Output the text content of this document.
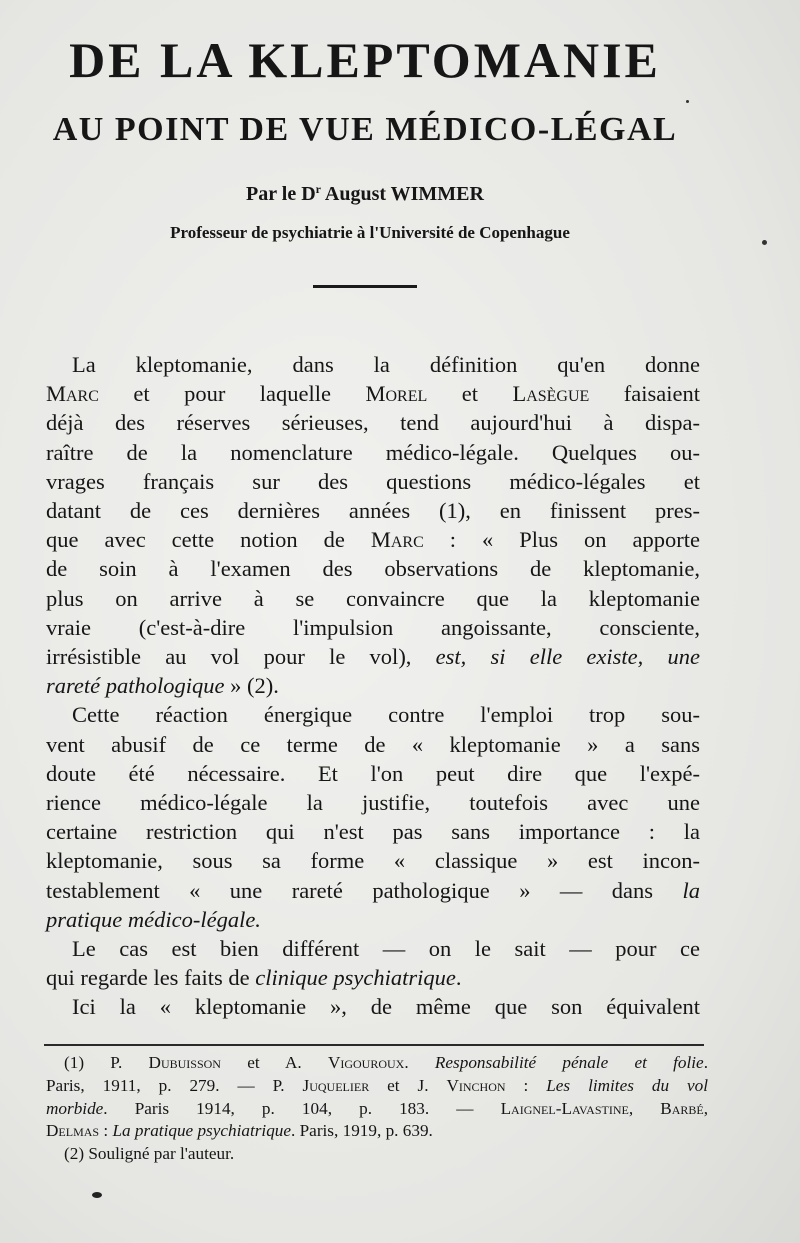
DE LA KLEPTOMANIE
AU POINT DE VUE MÉDICO-LÉGAL
Par le $D^r$ August WIMMER
Professeur de psychiatrie à l'Université de Copenhague

La kleptomanie, dans la définition qu'en donne
Marc et pour laquelle Morel et Lasègue faisaient
déjà des réserves sérieuses, tend aujourd'hui à dispa-
raître de la nomenclature médico-légale. Quelques ou-
vrages français sur des questions médico-légales et
datant de ces dernières années (1), en finissent pres-
que avec cette notion de Marc : « Plus on apporte
de soin à l'examen des observations de kleptomanie,
plus on arrive à se convaincre que la kleptomanie
vraie (c'est-à-dire l'impulsion angoissante, consciente,
irrésistible au vol pour le vol), est, si elle existe, une
rareté pathologique » (2).

Cette réaction énergique contre l'emploi trop sou-
vent abusif de ce terme de « kleptomanie » a sans
doute été nécessaire. Et l'on peut dire que l'expé-
rience médico-légale la justifie, toutefois avec une
certaine restriction qui n'est pas sans importance : la
kleptomanie, sous sa forme « classique » est incon-
testablement « une rareté pathologique » — dans la
pratique médico-légale.

Le cas est bien différent — on le sait — pour ce
qui regarde les faits de clinique psychiatrique.

Ici la « kleptomanie », de même que son équivalent

(1) P. Dubuisson et A. Vigouroux. Responsabilité pénale et folie.
Paris, 1911, p. 279. — P. Juquelier et J. Vinchon : Les limites du vol
morbide. Paris 1914, p. 104, p. 183. — Laignel-Lavastine, Barbé,
Delmas : La pratique psychiatrique. Paris, 1919, p. 639.
(2) Souligné par l'auteur.
